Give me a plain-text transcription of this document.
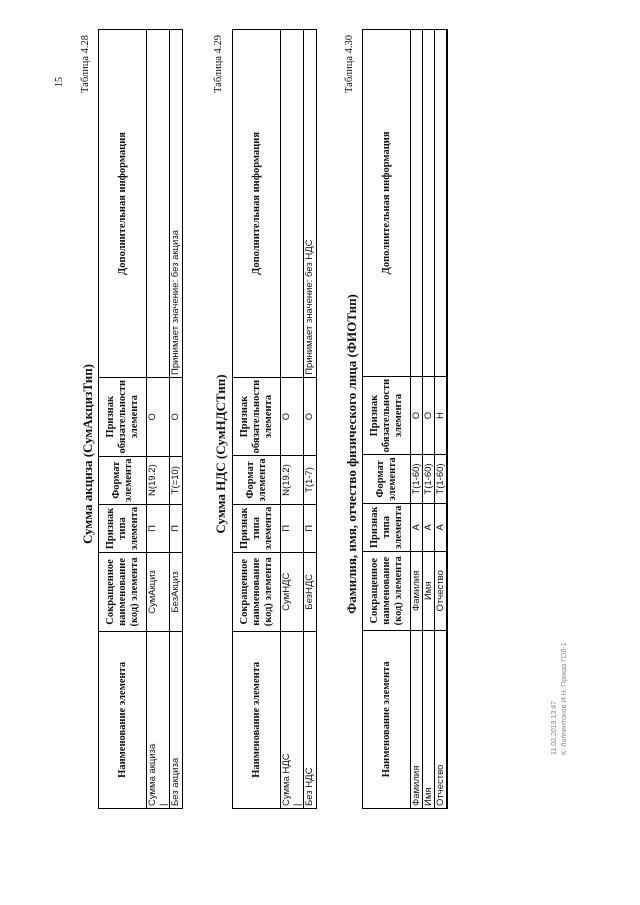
15 Таблица 4.28
Сумма акциза (СумАкцизТип)
Наименование элемента	Сокращенное наименование (код) элемента	Признак типа элемента	Формат элемента	Признак обязательности элемента	Дополнительная информация

Сумма акциза |	СумАкциз	П	N(19.2)	О	
Без акциза	БезАкциз	П	T(=10)	О	Принимает значение: без акциза
Таблица 4.29
Сумма НДС (СумНДСТип)
Наименование элемента	Сокращенное наименование (код) элемента	Признак типа элемента	Формат элемента	Признак обязательности элемента	Дополнительная информация

Сумма НДС |	СумНДС	П	N(19.2)	О	
Без НДС	БезНДС	П	T(1-7)	О	Принимает значение: без НДС
Таблица 4.30
Фамилия, имя, отчество физического лица (ФИОТип)
Наименование элемента	Сокращенное наименование (код) элемента	Признак типа элемента	Формат элемента	Признак обязательности элемента	Дополнительная информация
Фамилия	Фамилия	А	T(1-60)	О	
Имя	Имя	А	T(1-60)	О	
Отчество	Отчество	А	T(1-60)	Н	
11.02.2019 13:47 К. Лаппинтонов И.Н. Приказ ГОЛ-1
